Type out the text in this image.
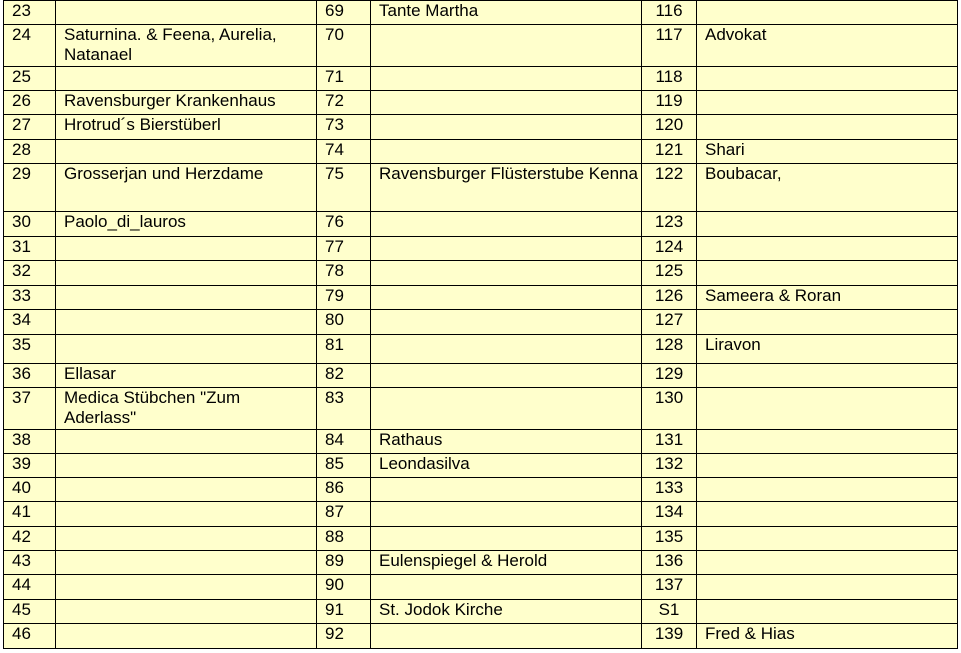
23		69	Tante Martha	116	
24	Saturnina. & Feena, Aurelia, Natanael	70		117	Advokat
25		71		118	
26	Ravensburger Krankenhaus	72		119	
27	Hrotrud´s Bierstüberl	73		120	
28		74		121	Shari
29	Grosserjan und Herzdame	75	Ravensburger Flüsterstube Kenna	122	Boubacar,
30	Paolo_di_lauros	76		123	
31		77		124	
32		78		125	
33		79		126	Sameera & Roran
34		80		127	
35		81		128	Liravon
36	Ellasar	82		129	
37	Medica Stübchen "Zum Aderlass"	83		130	
38		84	Rathaus	131	
39		85	Leondasilva	132	
40		86		133	
41		87		134	
42		88		135	
43		89	Eulenspiegel & Herold	136	
44		90		137	
45		91	St. Jodok Kirche	S1	
46		92		139	Fred & Hias
